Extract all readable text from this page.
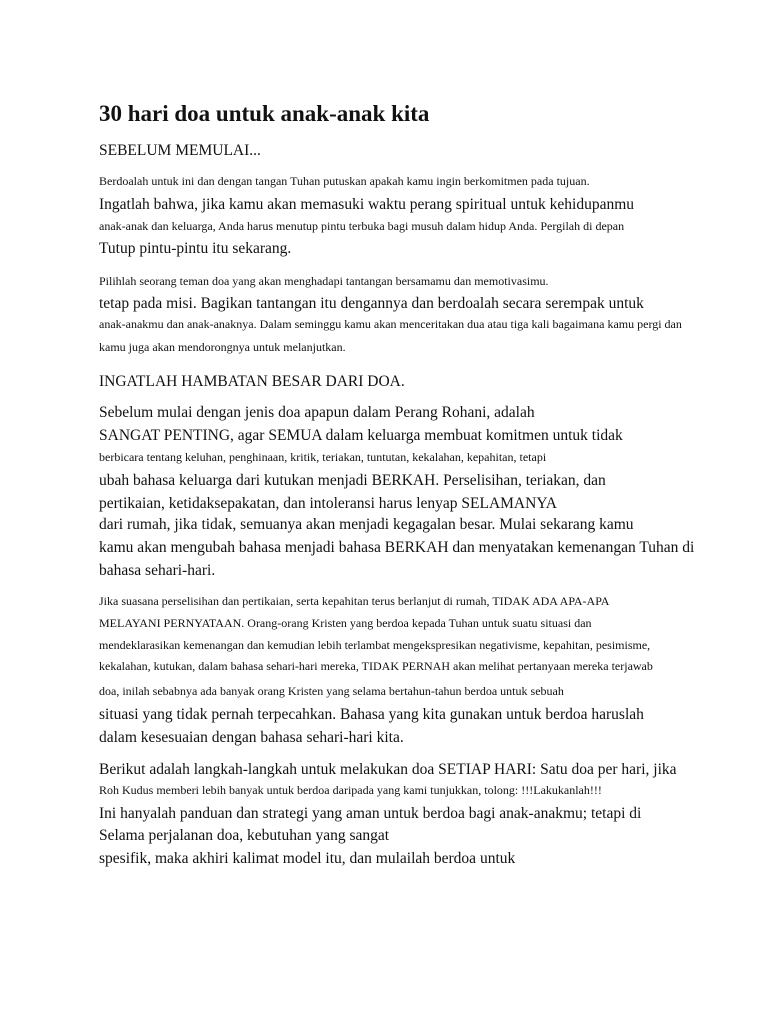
30 hari doa untuk anak-anak kita
SEBELUM MEMULAI...
Berdoalah untuk ini dan dengan tangan Tuhan putuskan apakah kamu ingin berkomitmen pada tujuan.
Ingatlah bahwa, jika kamu akan memasuki waktu perang spiritual untuk kehidupanmu
anak-anak dan keluarga, Anda harus menutup pintu terbuka bagi musuh dalam hidup Anda. Pergilah di depan
Tutup pintu-pintu itu sekarang.
Pilihlah seorang teman doa yang akan menghadapi tantangan bersamamu dan memotivasimu.
tetap pada misi. Bagikan tantangan itu dengannya dan berdoalah secara serempak untuk
anak-anakmu dan anak-anaknya. Dalam seminggu kamu akan menceritakan dua atau tiga kali bagaimana kamu pergi dan
kamu juga akan mendorongnya untuk melanjutkan.
INGATLAH HAMBATAN BESAR DARI DOA.
Sebelum mulai dengan jenis doa apapun dalam Perang Rohani, adalah
SANGAT PENTING, agar SEMUA dalam keluarga membuat komitmen untuk tidak
berbicara tentang keluhan, penghinaan, kritik, teriakan, tuntutan, kekalahan, kepahitan, tetapi
ubah bahasa keluarga dari kutukan menjadi BERKAH. Perselisihan, teriakan, dan
pertikaian, ketidaksepakatan, dan intoleransi harus lenyap SELAMANYA
dari rumah, jika tidak, semuanya akan menjadi kegagalan besar. Mulai sekarang kamu
kamu akan mengubah bahasa menjadi bahasa BERKAH dan menyatakan kemenangan Tuhan di
bahasa sehari-hari.
Jika suasana perselisihan dan pertikaian, serta kepahitan terus berlanjut di rumah, TIDAK ADA APA-APA
MELAYANI PERNYATAAN. Orang-orang Kristen yang berdoa kepada Tuhan untuk suatu situasi dan
mendeklarasikan kemenangan dan kemudian lebih terlambat mengekspresikan negativisme, kepahitan, pesimisme,
kekalahan, kutukan, dalam bahasa sehari-hari mereka, TIDAK PERNAH akan melihat pertanyaan mereka terjawab
doa, inilah sebabnya ada banyak orang Kristen yang selama bertahun-tahun berdoa untuk sebuah
situasi yang tidak pernah terpecahkan. Bahasa yang kita gunakan untuk berdoa haruslah
dalam kesesuaian dengan bahasa sehari-hari kita.
Berikut adalah langkah-langkah untuk melakukan doa SETIAP HARI: Satu doa per hari, jika
Roh Kudus memberi lebih banyak untuk berdoa daripada yang kami tunjukkan, tolong: !!!Lakukanlah!!!
Ini hanyalah panduan dan strategi yang aman untuk berdoa bagi anak-anakmu; tetapi di
Selama perjalanan doa, kebutuhan yang sangat
spesifik, maka akhiri kalimat model itu, dan mulailah berdoa untuk
